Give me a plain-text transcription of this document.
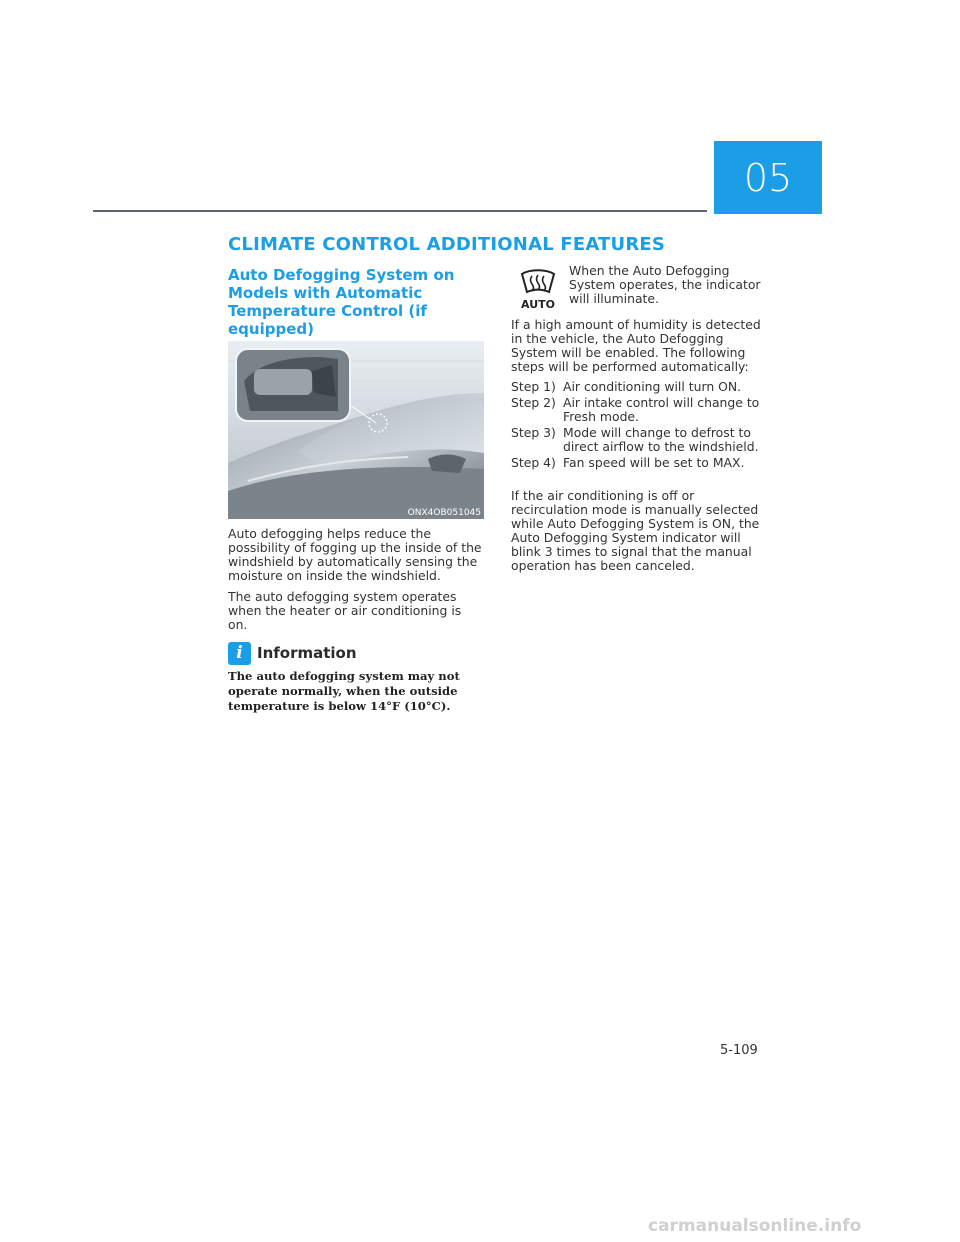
05
CLIMATE CONTROL ADDITIONAL FEATURES
Auto Defogging System on Models with Automatic Temperature Control (if equipped)
ONX4OB051045

Auto defogging helps reduce the possibility of fogging up the inside of the windshield by automatically sensing the moisture on inside the windshield.

The auto defogging system operates when the heater or air conditioning is on.

i Information

The auto defogging system may not operate normally, when the outside temperature is below 14°F (10°C).

AUTO

When the Auto Defogging System operates, the indicator will illuminate.

If a high amount of humidity is detected in the vehicle, the Auto Defogging System will be enabled. The following steps will be performed automatically:

Step 1) Air conditioning will turn ON.
Step 2) Air intake control will change to Fresh mode.
Step 3) Mode will change to defrost to direct airflow to the windshield.
Step 4) Fan speed will be set to MAX.

If the air conditioning is off or recirculation mode is manually selected while Auto Defogging System is ON, the Auto Defogging System indicator will blink 3 times to signal that the manual operation has been canceled.

5-109
carmanualsonline.info
